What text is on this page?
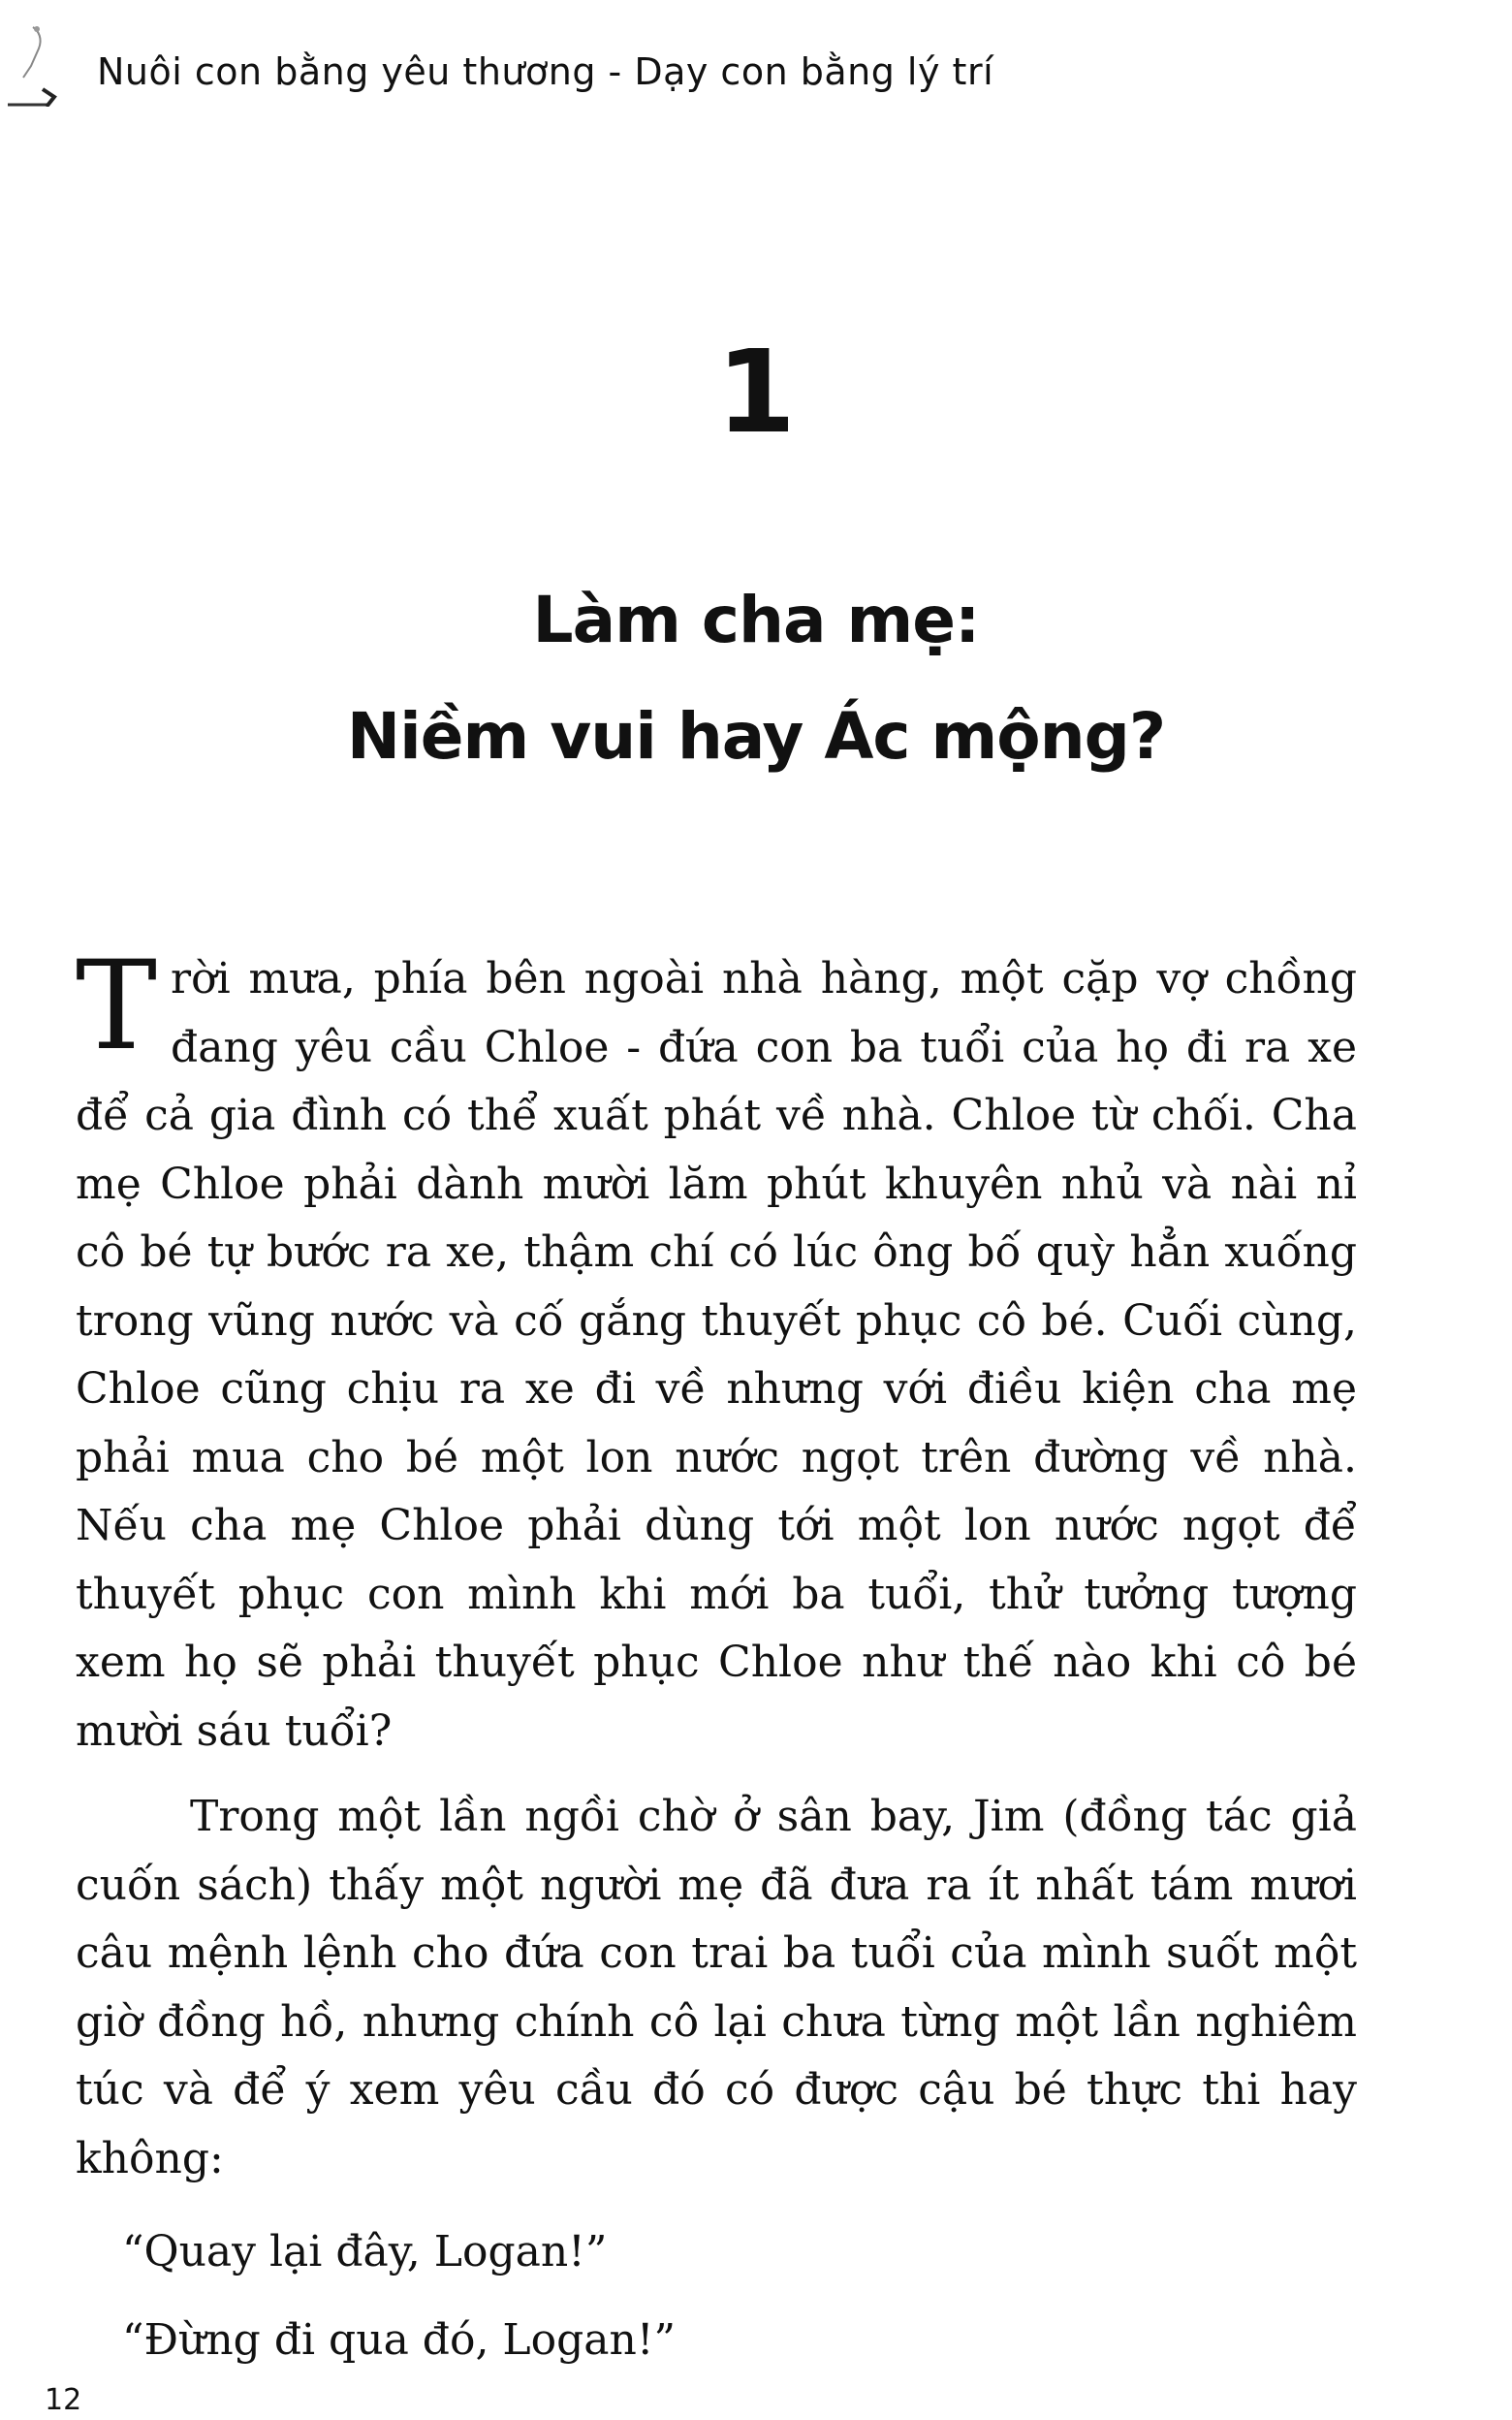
Nuôi con bằng yêu thương - Dạy con bằng lý trí
1
Làm cha mẹ:
Niềm vui hay Ác mộng?

Trời mưa, phía bên ngoài nhà hàng, một cặp vợ chồng đang yêu cầu Chloe - đứa con ba tuổi của họ đi ra xe để cả gia đình có thể xuất phát về nhà. Chloe từ chối. Cha mẹ Chloe phải dành mười lăm phút khuyên nhủ và nài nỉ cô bé tự bước ra xe, thậm chí có lúc ông bố quỳ hẳn xuống trong vũng nước và cố gắng thuyết phục cô bé. Cuối cùng, Chloe cũng chịu ra xe đi về nhưng với điều kiện cha mẹ phải mua cho bé một lon nước ngọt trên đường về nhà. Nếu cha mẹ Chloe phải dùng tới một lon nước ngọt để thuyết phục con mình khi mới ba tuổi, thử tưởng tượng xem họ sẽ phải thuyết phục Chloe như thế nào khi cô bé mười sáu tuổi?

Trong một lần ngồi chờ ở sân bay, Jim (đồng tác giả cuốn sách) thấy một người mẹ đã đưa ra ít nhất tám mươi câu mệnh lệnh cho đứa con trai ba tuổi của mình suốt một giờ đồng hồ, nhưng chính cô lại chưa từng một lần nghiêm túc và để ý xem yêu cầu đó có được cậu bé thực thi hay không:

“Quay lại đây, Logan!”

“Đừng đi qua đó, Logan!”

12
